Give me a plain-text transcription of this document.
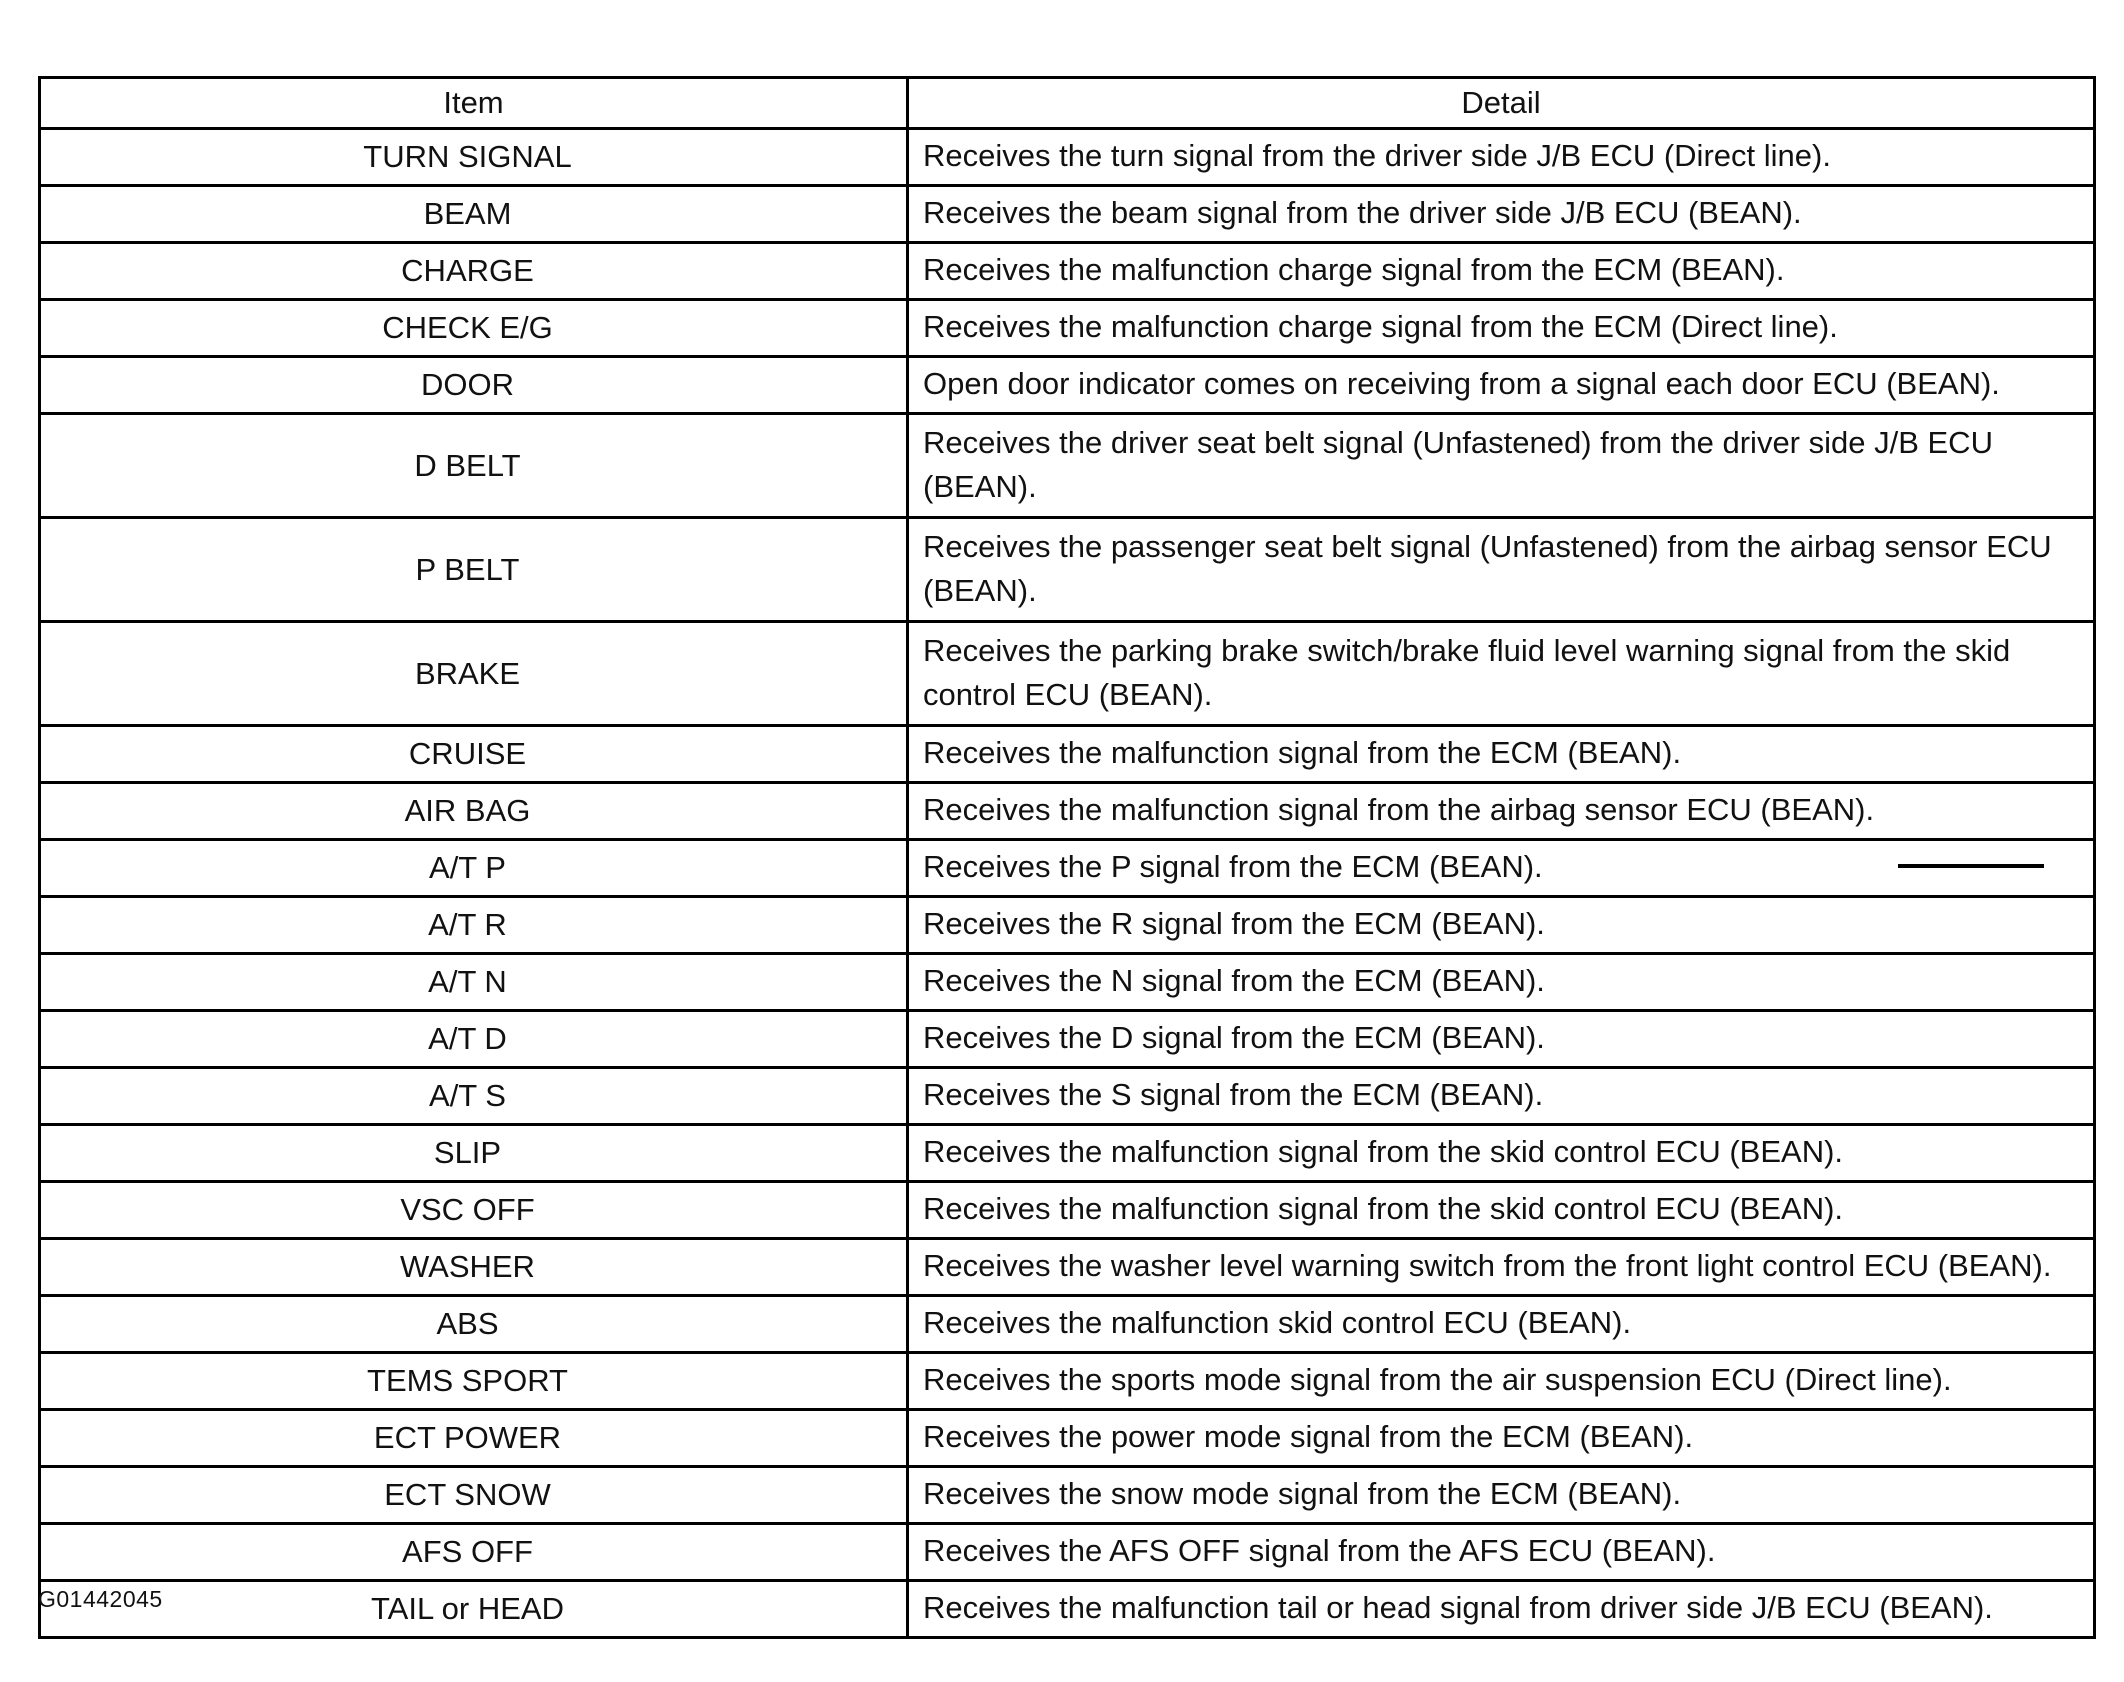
Item	Detail
TURN SIGNAL	Receives the turn signal from the driver side J/B ECU (Direct line).
BEAM	Receives the beam signal from the driver side J/B ECU (BEAN).
CHARGE	Receives the malfunction charge signal from the ECM (BEAN).
CHECK E/G	Receives the malfunction charge signal from the ECM (Direct line).
DOOR	Open door indicator comes on receiving from a signal each door ECU (BEAN).
D BELT	Receives the driver seat belt signal (Unfastened) from the driver side J/B ECU (BEAN).
P BELT	Receives the passenger seat belt signal (Unfastened) from the airbag sensor ECU (BEAN).
BRAKE	Receives the parking brake switch/brake fluid level warning signal from the skid control ECU (BEAN).
CRUISE	Receives the malfunction signal from the ECM (BEAN).
AIR BAG	Receives the malfunction signal from the airbag sensor ECU (BEAN).
A/T P	Receives the P signal from the ECM (BEAN).
A/T R	Receives the R signal from the ECM (BEAN).
A/T N	Receives the N signal from the ECM (BEAN).
A/T D	Receives the D signal from the ECM (BEAN).
A/T S	Receives the S signal from the ECM (BEAN).
SLIP	Receives the malfunction signal from the skid control ECU (BEAN).
VSC OFF	Receives the malfunction signal from the skid control ECU (BEAN).
WASHER	Receives the washer level warning switch from the front light control ECU (BEAN).
ABS	Receives the malfunction skid control ECU (BEAN).
TEMS SPORT	Receives the sports mode signal from the air suspension ECU (Direct line).
ECT POWER	Receives the power mode signal from the ECM (BEAN).
ECT SNOW	Receives the snow mode signal from the ECM (BEAN).
AFS OFF	Receives the AFS OFF signal from the AFS ECU (BEAN).
TAIL or HEAD	Receives the malfunction tail or head signal from driver side J/B ECU (BEAN).
G01442045
